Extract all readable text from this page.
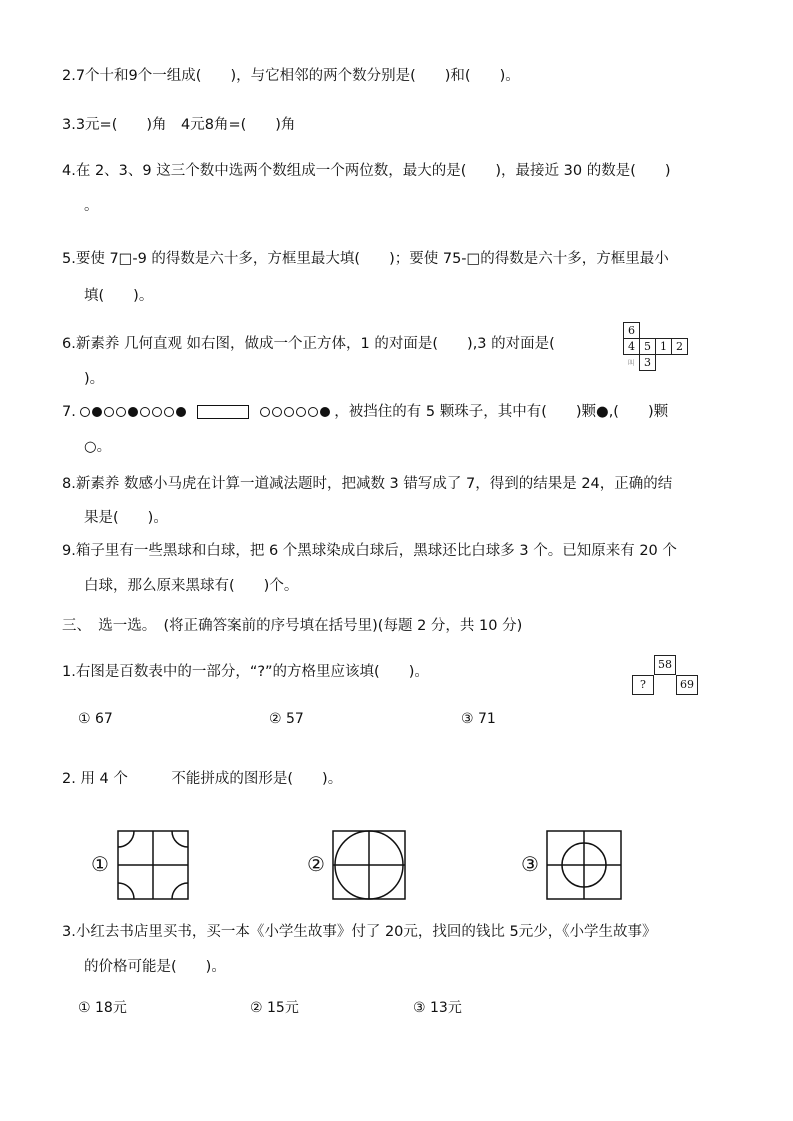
2.7个十和9个一组成(　　)，与它相邻的两个数分别是(　　)和(　　)。
3.3元=(　　)角　4元8角=(　　)角
4.在 2、3、9 这三个数中选两个数组成一个两位数，最大的是(　　)，最接近 30 的数是(　　)
。
5.要使 7□-9 的得数是六十多，方框里最大填(　　)；要使 75-□的得数是六十多，方框里最小
填(　　)。
6.新素养 几何直观 如右图，做成一个正方体，1 的对面是(　　),3 的对面是(
6			
4	5	1	2
叫	3		
)。
7.
	，被挡住的有 5 颗珠子，其中有(　　)颗●,(　　)颗
○。
8.新素养 数感小马虎在计算一道减法题时，把减数 3 错写成了 7，得到的结果是 24，正确的结
果是(　　)。
9.箱子里有一些黑球和白球，把 6 个黑球染成白球后，黑球还比白球多 3 个。已知原来有 20 个
白球，那么原来黑球有(　　)个。
三、　选一选。　(将正确答案前的序号填在括号里)(每题 2 分，共 10 分)
1.右图是百数表中的一部分，“?”的方格里应该填(　　)。	58
?	69
① 67	② 57	③ 71
2. 用 4 个　　　不能拼成的图形是(　　)。
①	②	③
3.小红去书店里买书，买一本《小学生故事》付了 20元，找回的钱比 5元少，《小学生故事》
的价格可能是(　　)。
① 18元	② 15元	③ 13元
